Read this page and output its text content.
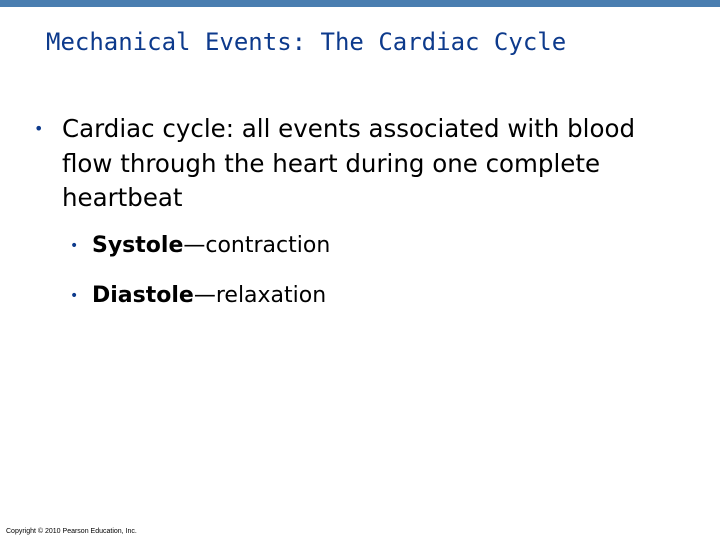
Mechanical Events: The Cardiac Cycle
• Cardiac cycle: all events associated with blood flow through the heart during one complete heartbeat
• Systole—contraction
• Diastole—relaxation
Copyright © 2010 Pearson Education, Inc.
